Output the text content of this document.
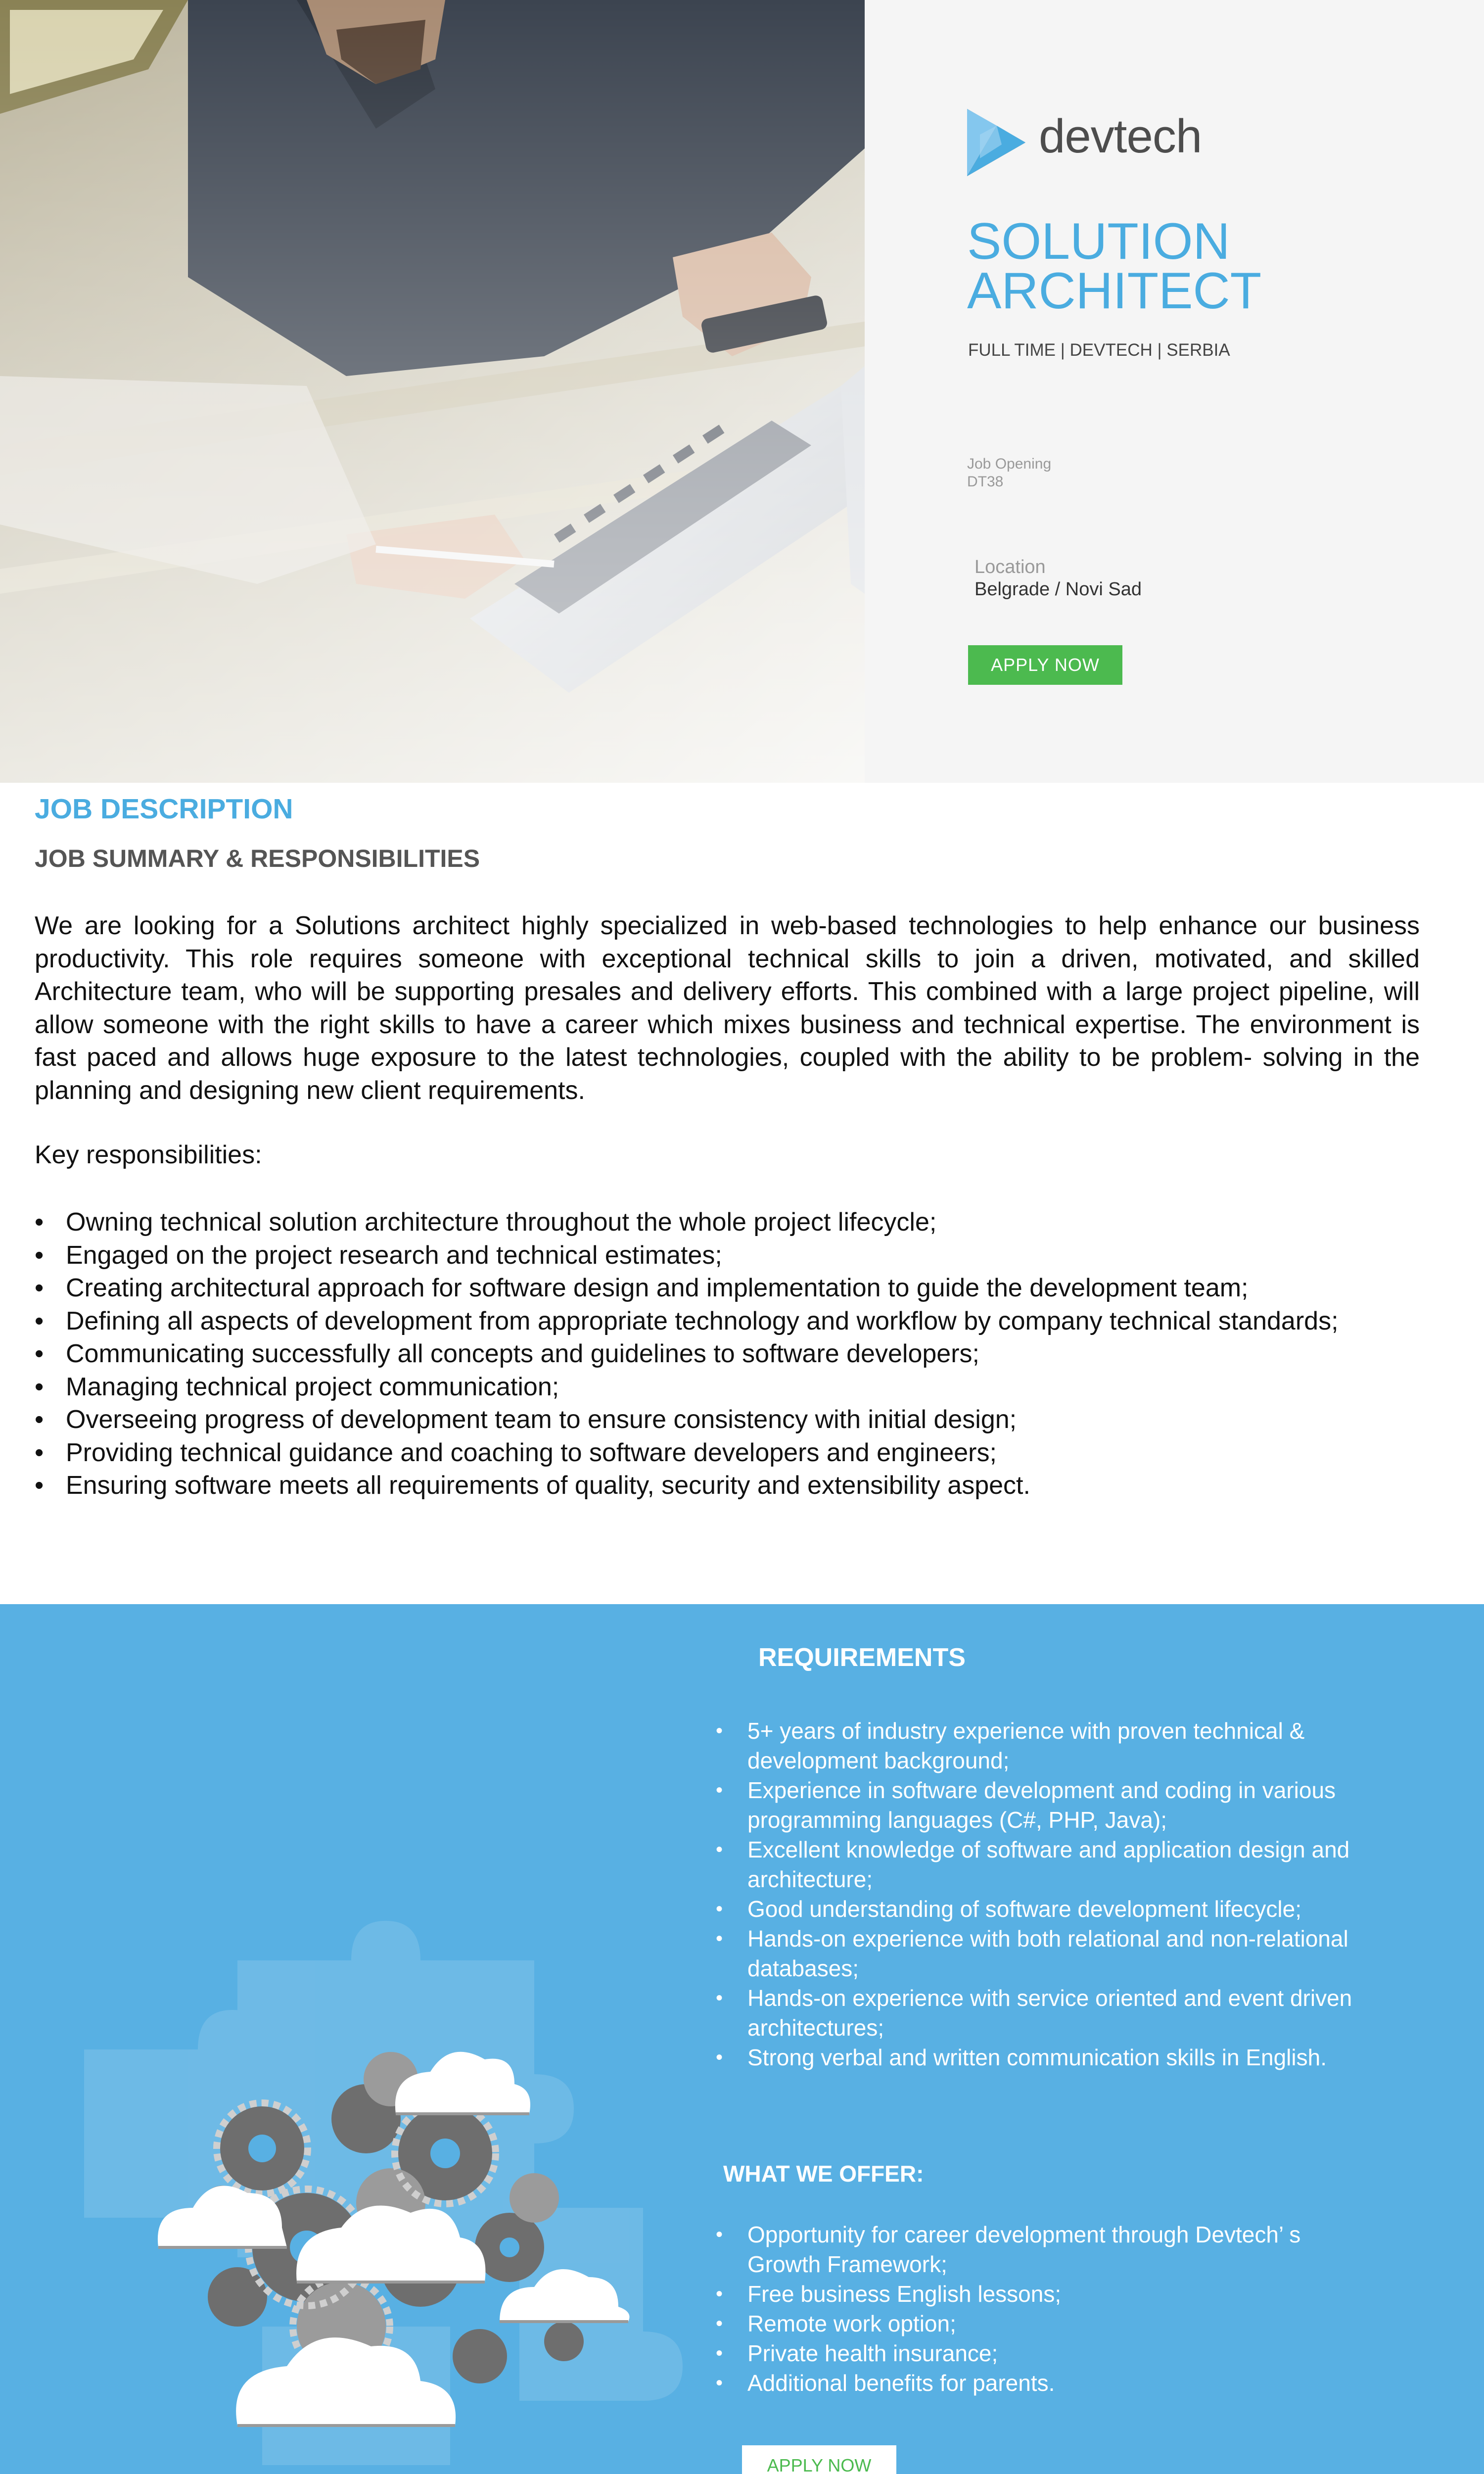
devtech
SOLUTION ARCHITECT
FULL TIME | DEVTECH | SERBIA
Job Opening
DT38
Location
Belgrade / Novi Sad
APPLY NOW
JOB DESCRIPTION
JOB SUMMARY & RESPONSIBILITIES

We are looking for a Solutions architect highly specialized in web-based technologies to help enhance our business productivity. This role requires someone with exceptional technical skills to join a driven, motivated, and skilled Architecture team, who will be supporting presales and delivery efforts. This combined with a large project pipeline, will allow someone with the right skills to have a career which mixes business and technical expertise. The environment is fast paced and allows huge exposure to the latest technologies, coupled with the ability to be problem- solving in the planning and designing new client requirements.

Key responsibilities:

• Owning technical solution architecture throughout the whole project lifecycle;
• Engaged on the project research and technical estimates;
• Creating architectural approach for software design and implementation to guide the development team;
• Defining all aspects of development from appropriate technology and workflow by company technical standards;
• Communicating successfully all concepts and guidelines to software developers;
• Managing technical project communication;
• Overseeing progress of development team to ensure consistency with initial design;
• Providing technical guidance and coaching to software developers and engineers;
• Ensuring software meets all requirements of quality, security and extensibility aspect.
REQUIREMENTS
• 5+ years of industry experience with proven technical & development background;
• Experience in software development and coding in various programming languages (C#, PHP, Java);
• Excellent knowledge of software and application design and architecture;
• Good understanding of software development lifecycle;
• Hands-on experience with both relational and non-relational databases;
• Hands-on experience with service oriented and event driven architectures;
• Strong verbal and written communication skills in English.
WHAT WE OFFER:
• Opportunity for career development through Devtech’ s Growth Framework;
• Free business English lessons;
• Remote work option;
• Private health insurance;
• Additional benefits for parents.
APPLY NOW
